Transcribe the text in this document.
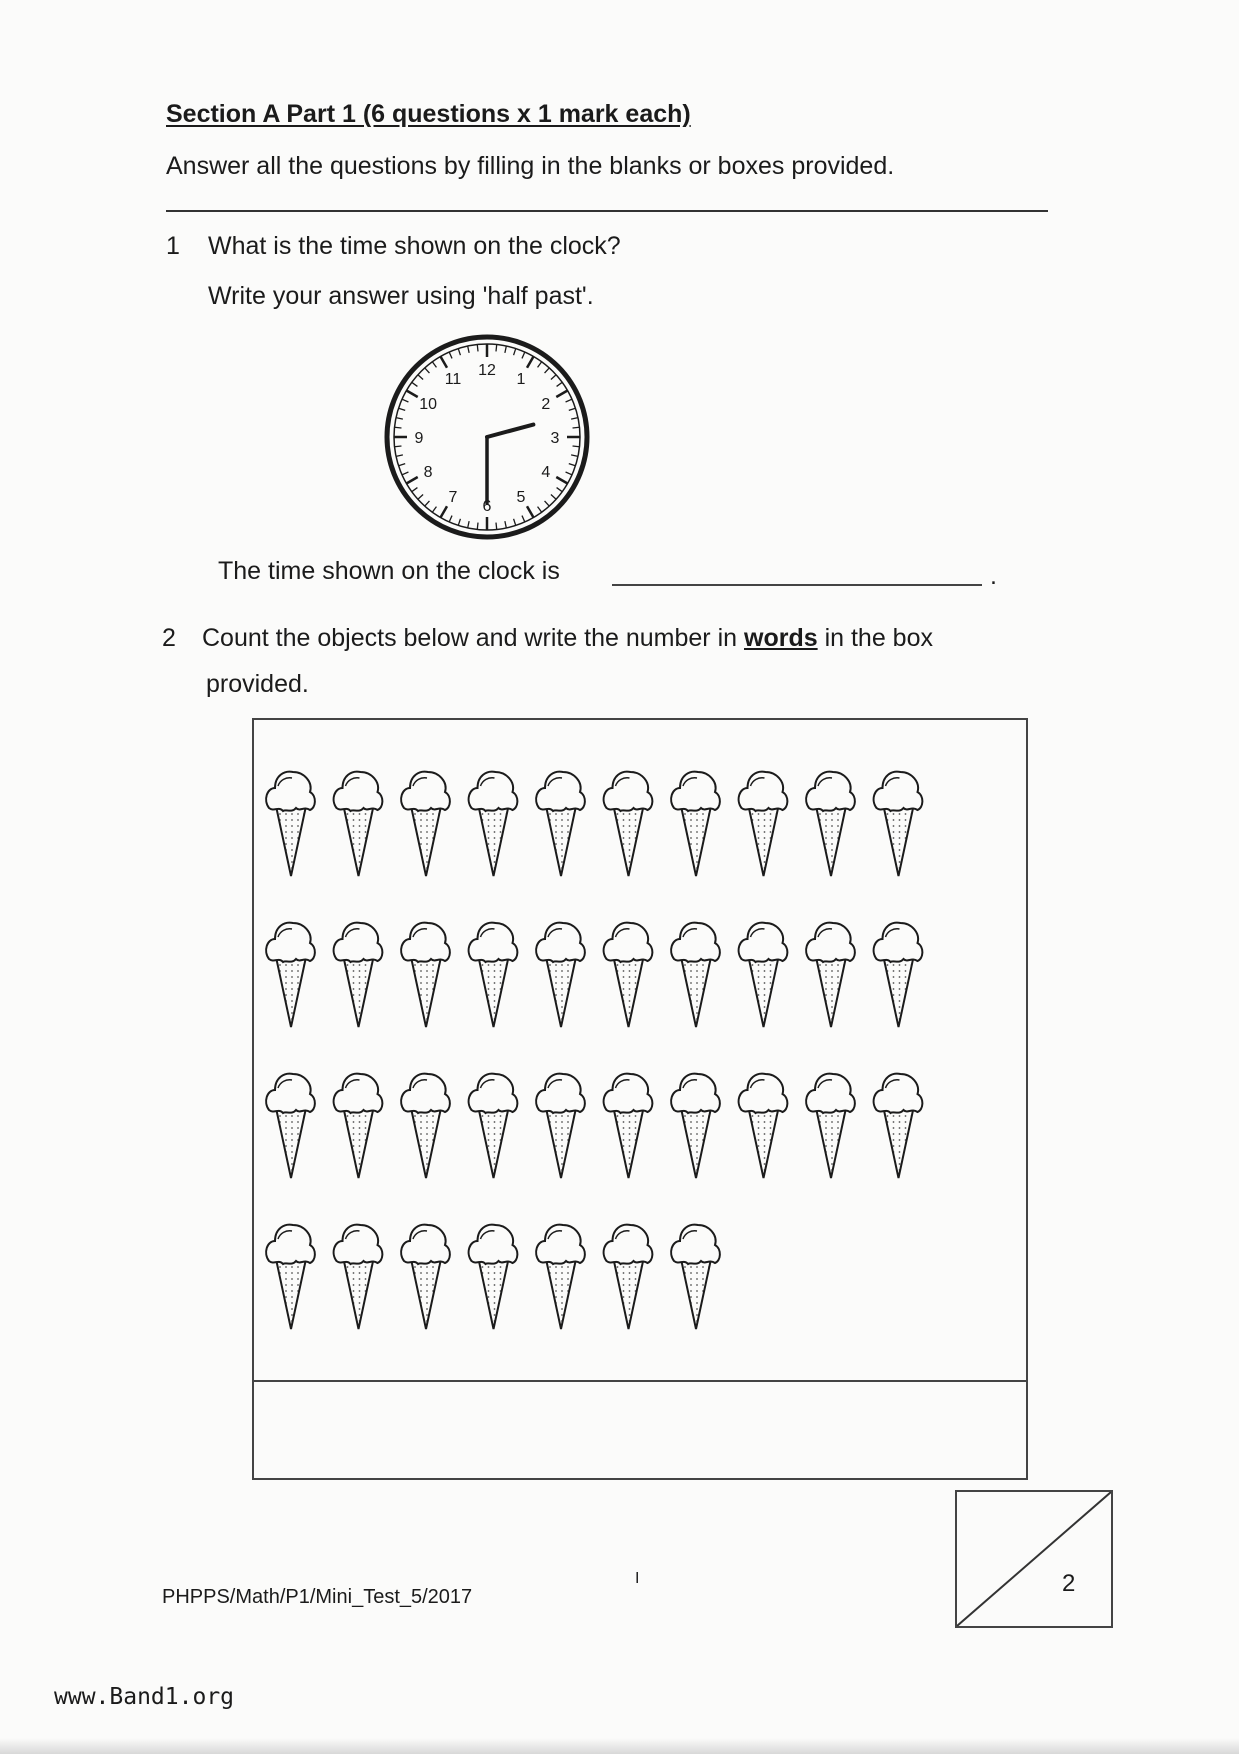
Section A Part 1 (6 questions x 1 mark each)
Answer all the questions by filling in the blanks or boxes provided.
1 What is the time shown on the clock?
Write your answer using 'half past'.
12
1
2
3
4
5
6
7
8
9
10
11
The time shown on the clock is	.
2 Count the objects below and write the number in words in the box
provided.
I
PHPPS/Math/P1/Mini_Test_5/2017	2
www.Band1.org
